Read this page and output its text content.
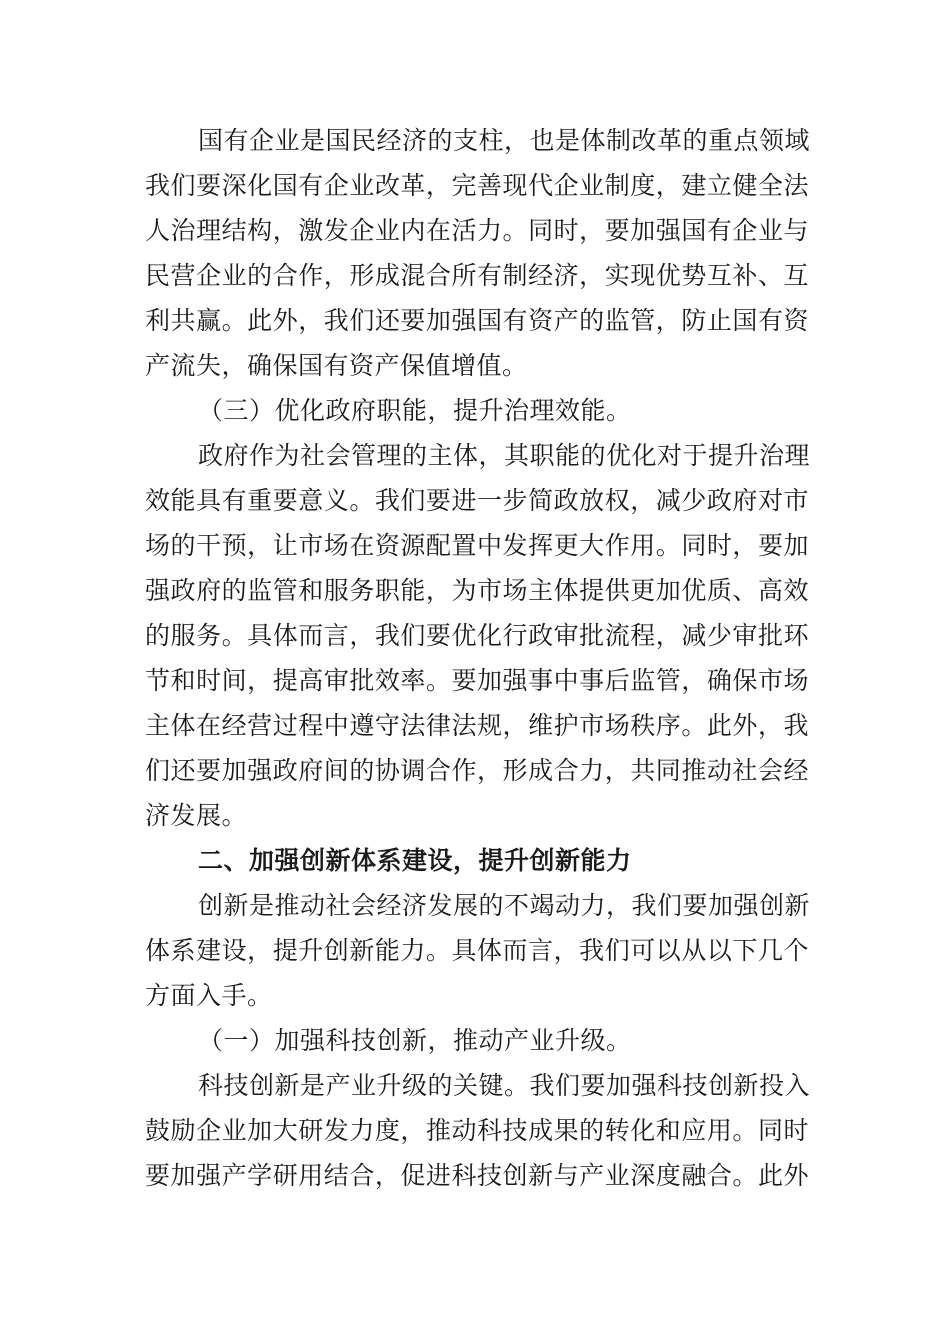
国有企业是国民经济的支柱，也是体制改革的重点领域
我们要深化国有企业改革，完善现代企业制度，建立健全法
人治理结构，激发企业内在活力。同时，要加强国有企业与
民营企业的合作，形成混合所有制经济，实现优势互补、互
利共赢。此外，我们还要加强国有资产的监管，防止国有资
产流失，确保国有资产保值增值。
（三）优化政府职能，提升治理效能。
政府作为社会管理的主体，其职能的优化对于提升治理
效能具有重要意义。我们要进一步简政放权，减少政府对市
场的干预，让市场在资源配置中发挥更大作用。同时，要加
强政府的监管和服务职能，为市场主体提供更加优质、高效
的服务。具体而言，我们要优化行政审批流程，减少审批环
节和时间，提高审批效率。要加强事中事后监管，确保市场
主体在经营过程中遵守法律法规，维护市场秩序。此外，我
们还要加强政府间的协调合作，形成合力，共同推动社会经
济发展。
二、加强创新体系建设，提升创新能力
创新是推动社会经济发展的不竭动力，我们要加强创新
体系建设，提升创新能力。具体而言，我们可以从以下几个
方面入手。
（一）加强科技创新，推动产业升级。
科技创新是产业升级的关键。我们要加强科技创新投入
鼓励企业加大研发力度，推动科技成果的转化和应用。同时
要加强产学研用结合，促进科技创新与产业深度融合。此外
